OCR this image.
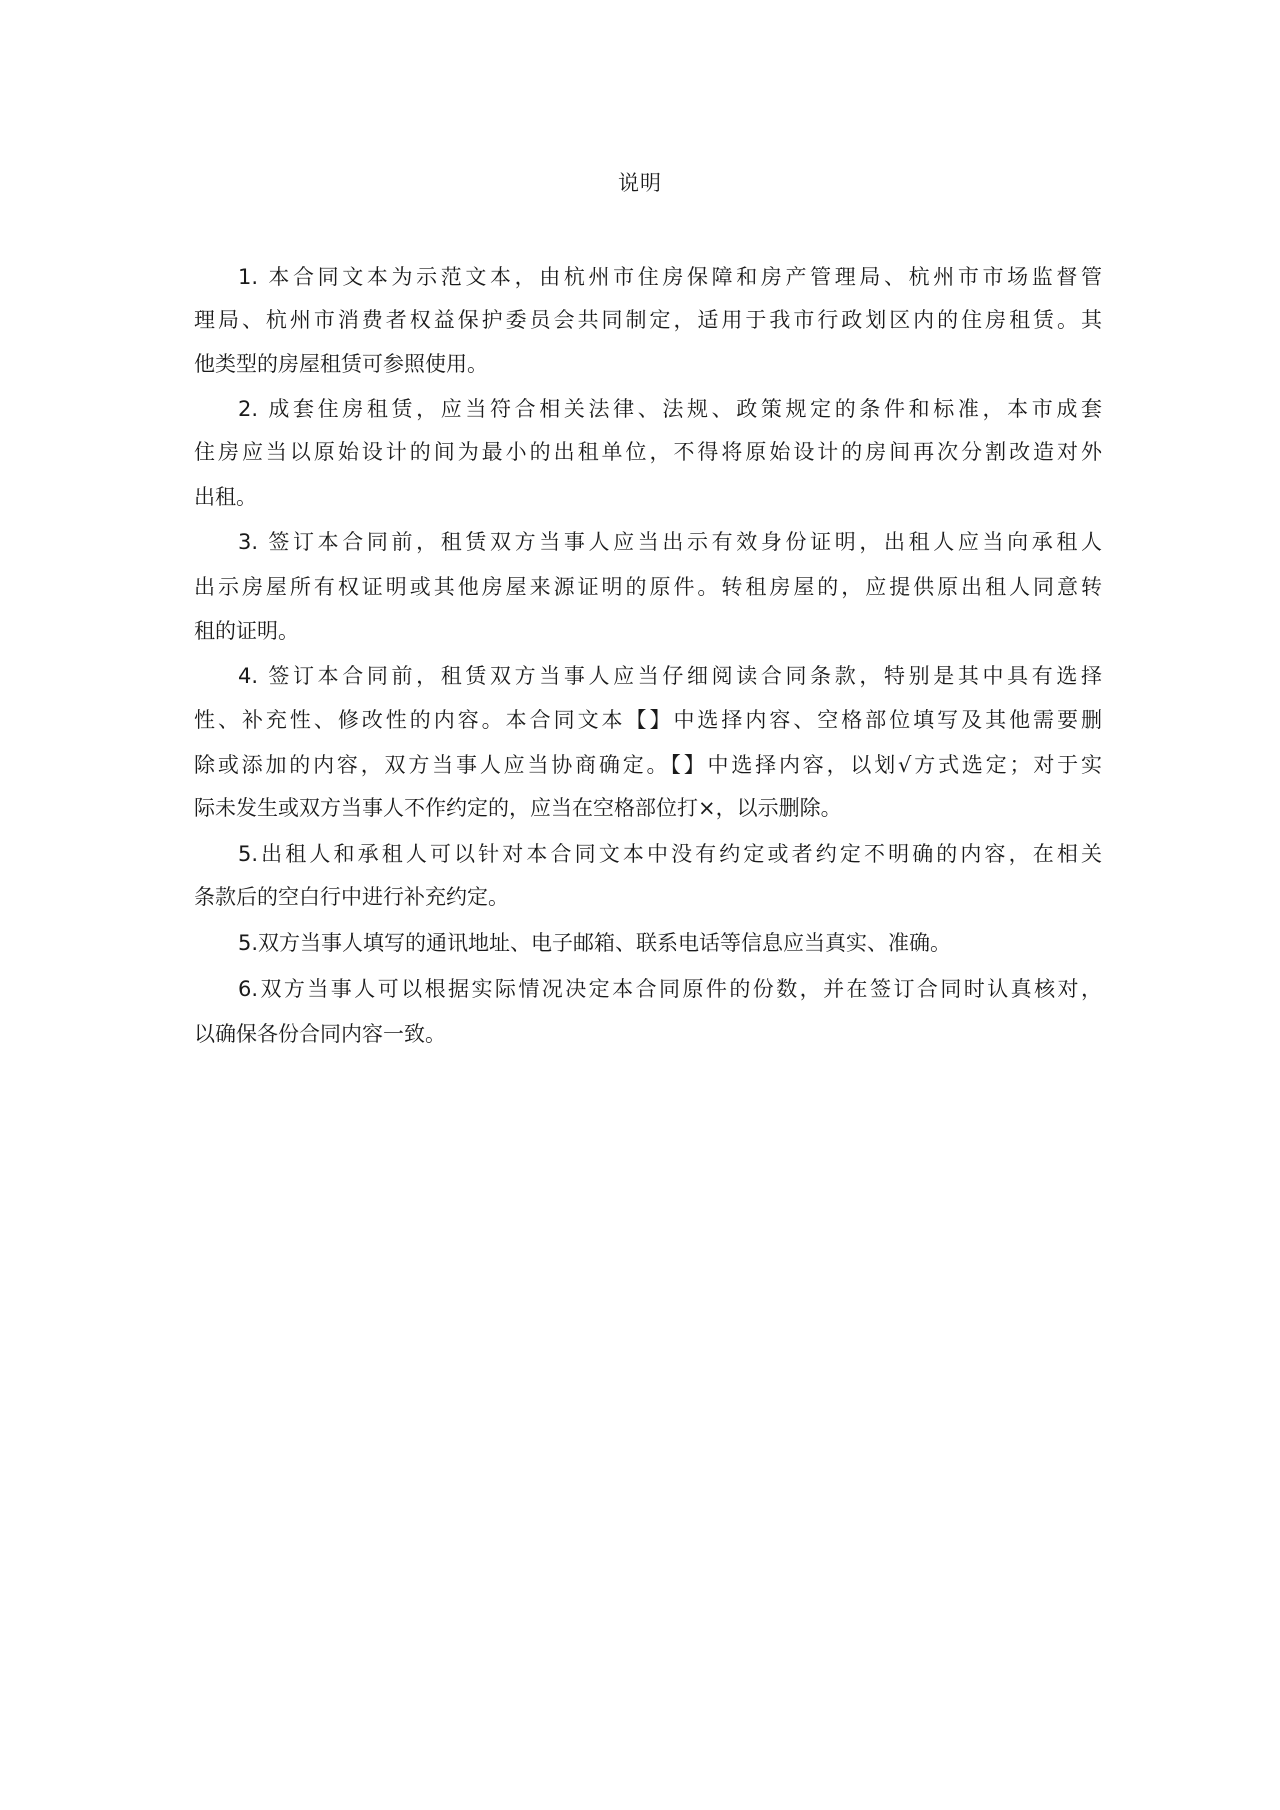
说明
1. 本合同文本为示范文本，由杭州市住房保障和房产管理局、杭州市市场监督管
理局、杭州市消费者权益保护委员会共同制定，适用于我市行政划区内的住房租赁。其
他类型的房屋租赁可参照使用。
2. 成套住房租赁，应当符合相关法律、法规、政策规定的条件和标准，本市成套
住房应当以原始设计的间为最小的出租单位，不得将原始设计的房间再次分割改造对外
出租。
3. 签订本合同前，租赁双方当事人应当出示有效身份证明，出租人应当向承租人
出示房屋所有权证明或其他房屋来源证明的原件。转租房屋的，应提供原出租人同意转
租的证明。
4. 签订本合同前，租赁双方当事人应当仔细阅读合同条款，特别是其中具有选择
性、补充性、修改性的内容。本合同文本【】中选择内容、空格部位填写及其他需要删
除或添加的内容，双方当事人应当协商确定。【】中选择内容，以划√方式选定；对于实
际未发生或双方当事人不作约定的，应当在空格部位打×，以示删除。
5.出租人和承租人可以针对本合同文本中没有约定或者约定不明确的内容，在相关
条款后的空白行中进行补充约定。
5.双方当事人填写的通讯地址、电子邮箱、联系电话等信息应当真实、准确。
6.双方当事人可以根据实际情况决定本合同原件的份数，并在签订合同时认真核对，
以确保各份合同内容一致。
